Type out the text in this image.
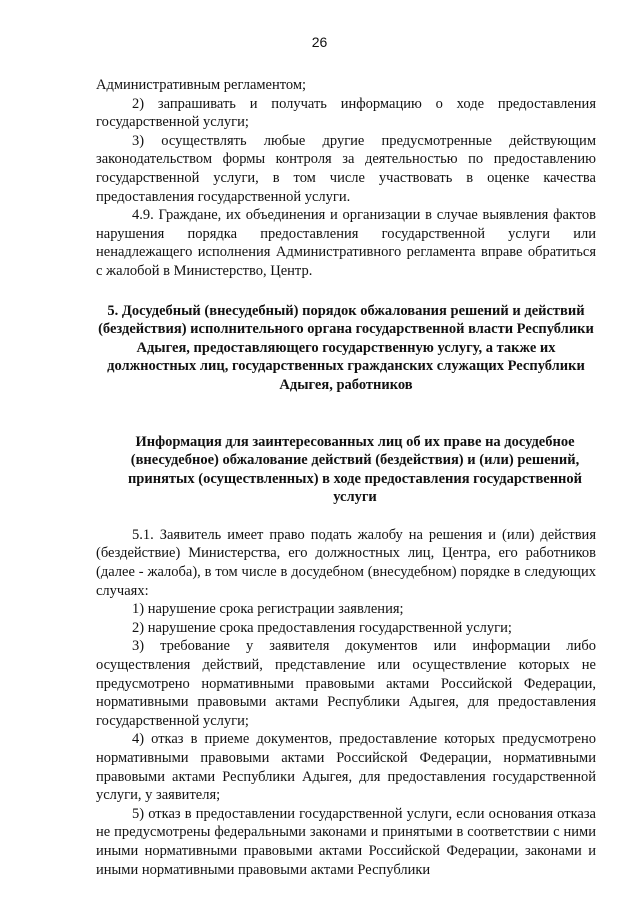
26

Административным регламентом;

2) запрашивать и получать информацию о ходе предоставления государственной услуги;

3) осуществлять любые другие предусмотренные действующим законодательством формы контроля за деятельностью по предоставлению государственной услуги, в том числе участвовать в оценке качества предоставления государственной услуги.

4.9. Граждане, их объединения и организации в случае выявления фактов нарушения порядка предоставления государственной услуги или ненадлежащего исполнения Административного регламента вправе обратиться с жалобой в Министерство, Центр.

5. Досудебный (внесудебный) порядок обжалования решений и действий (бездействия) исполнительного органа государственной власти Республики Адыгея, предоставляющего государственную услугу, а также их должностных лиц, государственных гражданских служащих Республики Адыгея, работников
Информация для заинтересованных лиц об их праве на досудебное (внесудебное) обжалование действий (бездействия) и (или) решений, принятых (осуществленных) в ходе предоставления государственной услуги

5.1. Заявитель имеет право подать жалобу на решения и (или) действия (бездействие) Министерства, его должностных лиц, Центра, его работников (далее - жалоба), в том числе в досудебном (внесудебном) порядке в следующих случаях:

1) нарушение срока регистрации заявления;

2) нарушение срока предоставления государственной услуги;

3) требование у заявителя документов или информации либо осуществления действий, представление или осуществление которых не предусмотрено нормативными правовыми актами Российской Федерации, нормативными правовыми актами Республики Адыгея, для предоставления государственной услуги;

4) отказ в приеме документов, предоставление которых предусмотрено нормативными правовыми актами Российской Федерации, нормативными правовыми актами Республики Адыгея, для предоставления государственной услуги, у заявителя;

5) отказ в предоставлении государственной услуги, если основания отказа не предусмотрены федеральными законами и принятыми в соответствии с ними иными нормативными правовыми актами Российской Федерации, законами и иными нормативными правовыми актами Республики
